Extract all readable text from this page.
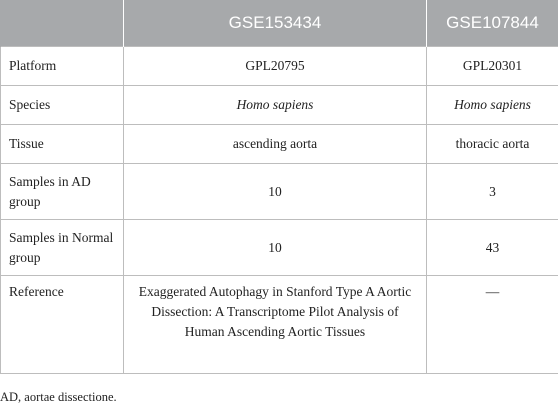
	GSE153434	GSE107844
Platform	GPL20795	GPL20301
Species	Homo sapiens	Homo sapiens
Tissue	ascending aorta	thoracic aorta
Samples in AD group	10	3
Samples in Normal group	10	43
Reference	Exaggerated Autophagy in Stanford Type A Aortic Dissection: A Transcriptome Pilot Analysis of Human Ascending Aortic Tissues	—
AD, aortae dissectione.
